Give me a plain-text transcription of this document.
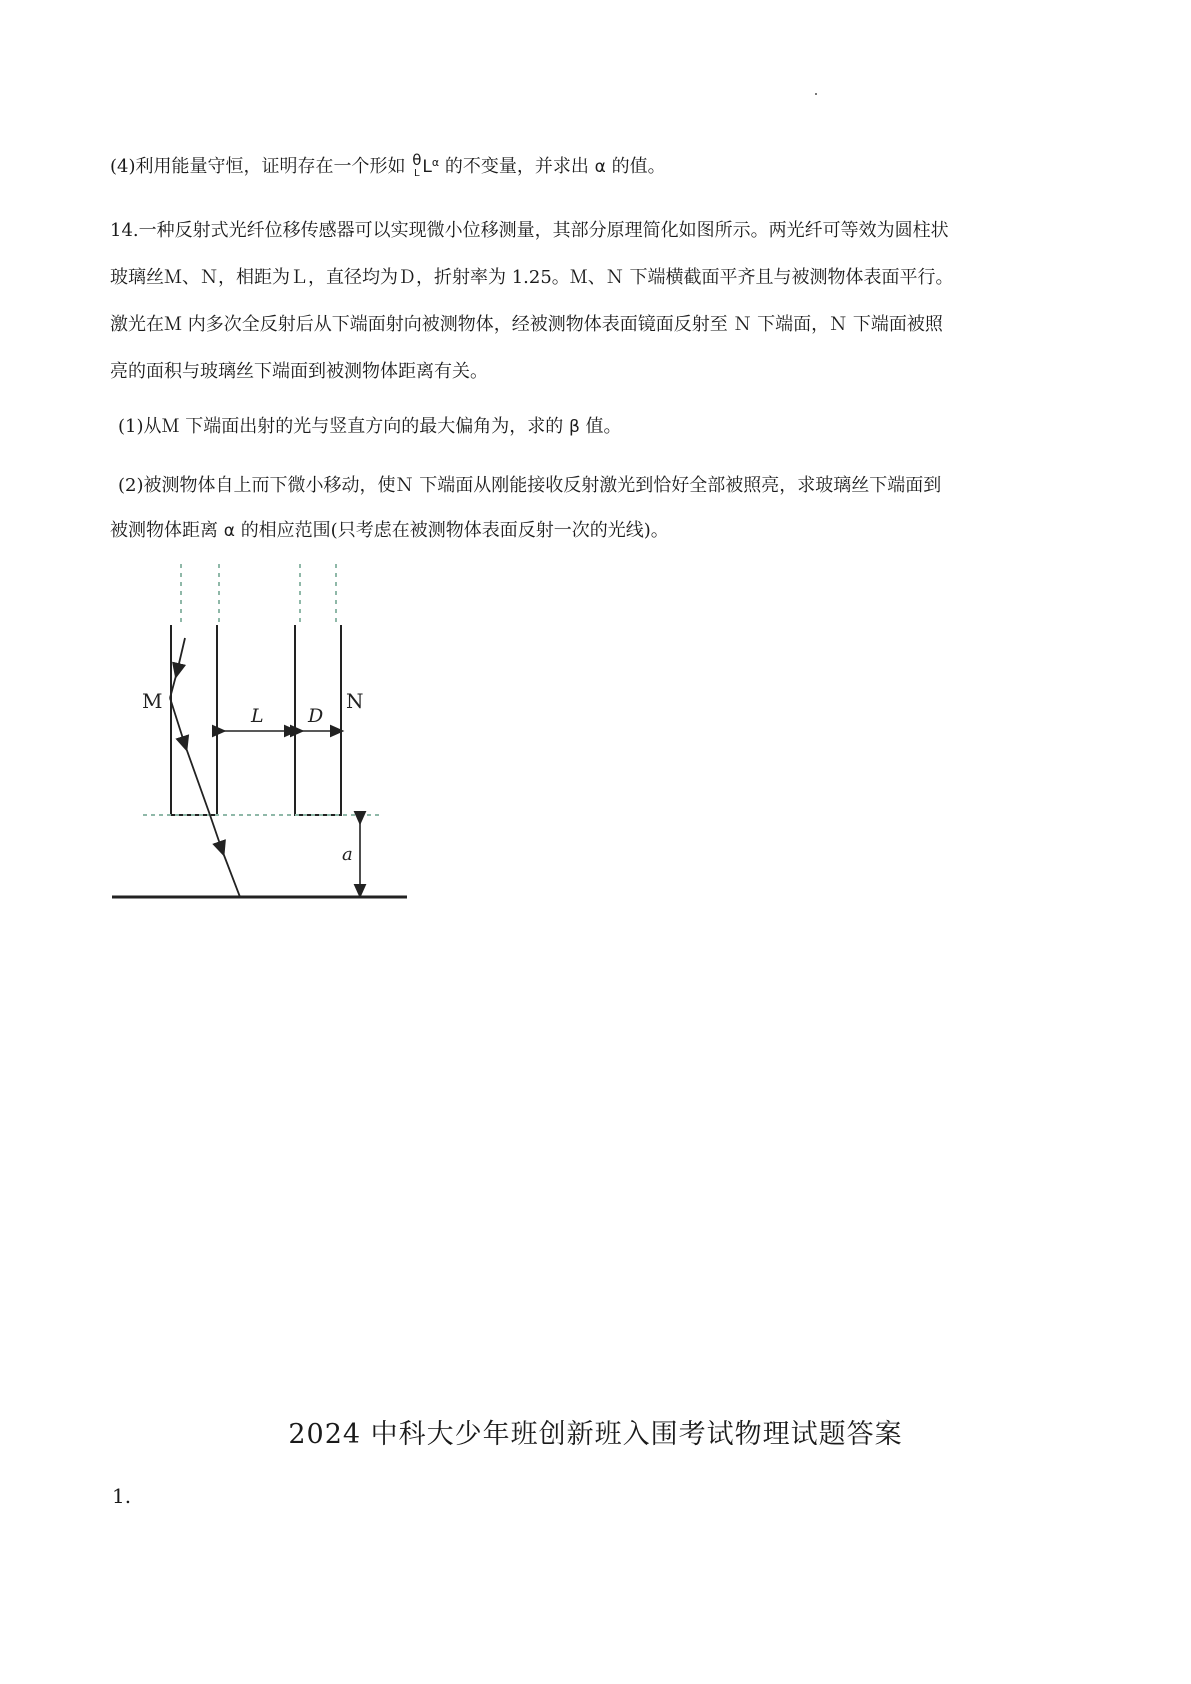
(4)利用能量守恒，证明存在一个形如 θ
L $L^\alpha$ 的不变量，并求出 α 的值。
14.一种反射式光纤位移传感器可以实现微小位移测量，其部分原理简化如图所示。两光纤可等效为圆柱状
玻璃丝Ｍ、Ｎ，相距为Ｌ，直径均为Ｄ，折射率为 1.25。Ｍ、Ｎ 下端横截面平齐且与被测物体表面平行。
激光在Ｍ 内多次全反射后从下端面射向被测物体，经被测物体表面镜面反射至 Ｎ 下端面，Ｎ 下端面被照
亮的面积与玻璃丝下端面到被测物体距离有关。
(1)从Ｍ 下端面出射的光与竖直方向的最大偏角为，求的 β 值。
(2)被测物体自上而下微小移动，使Ｎ 下端面从刚能接收反射激光到恰好全部被照亮，求玻璃丝下端面到
被测物体距离 α 的相应范围(只考虑在被测物体表面反射一次的光线)。
M	N
L D
a
2024 中科大少年班创新班入围考试物理试题答案
1.
